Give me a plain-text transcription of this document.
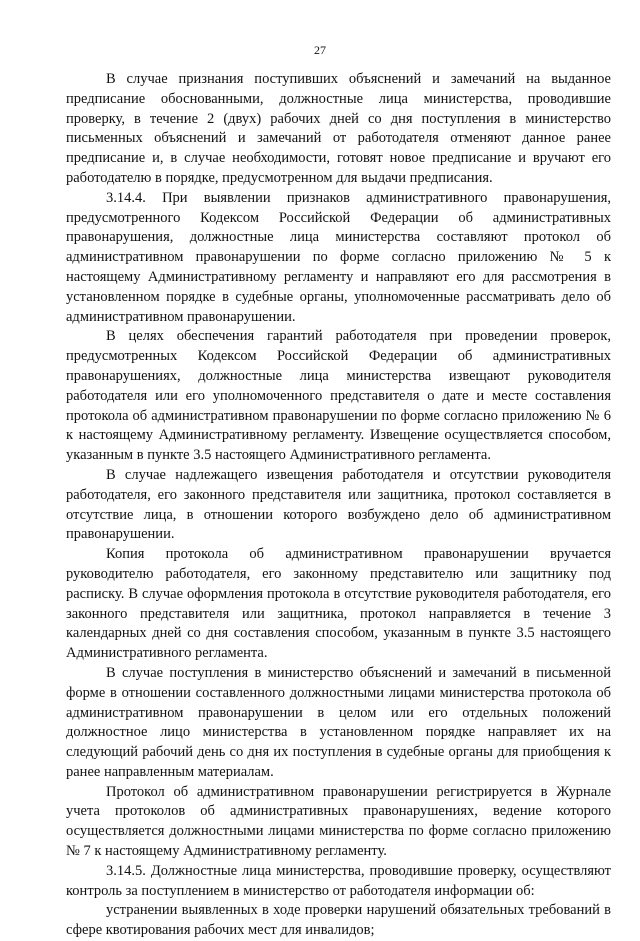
27

В случае признания поступивших объяснений и замечаний на выданное предписание обоснованными, должностные лица министерства, проводившие проверку, в течение 2 (двух) рабочих дней со дня поступления в министерство письменных объяснений и замечаний от работодателя отменяют данное ранее предписание и, в случае необходимости, готовят новое предписание и вручают его работодателю в порядке, предусмотренном для выдачи предписания.

3.14.4. При выявлении признаков административного правонарушения, предусмотренного Кодексом Российской Федерации об административных правонарушения, должностные лица министерства составляют протокол об административном правонарушении по форме согласно приложению № 5 к настоящему Административному регламенту и направляют его для рассмотрения в установленном порядке в судебные органы, уполномоченные рассматривать дело об административном правонарушении.

В целях обеспечения гарантий работодателя при проведении проверок, предусмотренных Кодексом Российской Федерации об административных правонарушениях, должностные лица министерства извещают руководителя работодателя или его уполномоченного представителя о дате и месте составления протокола об административном правонарушении по форме согласно приложению № 6 к настоящему Административному регламенту. Извещение осуществляется способом, указанным в пункте 3.5 настоящего Административного регламента.

В случае надлежащего извещения работодателя и отсутствии руководителя работодателя, его законного представителя или защитника, протокол составляется в отсутствие лица, в отношении которого возбуждено дело об административном правонарушении.

Копия протокола об административном правонарушении вручается руководителю работодателя, его законному представителю или защитнику под расписку. В случае оформления протокола в отсутствие руководителя работодателя, его законного представителя или защитника, протокол направляется в течение 3 календарных дней со дня составления способом, указанным в пункте 3.5 настоящего Административного регламента.

В случае поступления в министерство объяснений и замечаний в письменной форме в отношении составленного должностными лицами министерства протокола об административном правонарушении в целом или его отдельных положений должностное лицо министерства в установленном порядке направляет их на следующий рабочий день со дня их поступления в судебные органы для приобщения к ранее направленным материалам.

Протокол об административном правонарушении регистрируется в Журнале учета протоколов об административных правонарушениях, ведение которого осуществляется должностными лицами министерства по форме согласно приложению № 7 к настоящему Административному регламенту.

3.14.5. Должностные лица министерства, проводившие проверку, осуществляют контроль за поступлением в министерство от работодателя информации об:

устранении выявленных в ходе проверки нарушений обязательных требований в сфере квотирования рабочих мест для инвалидов;
